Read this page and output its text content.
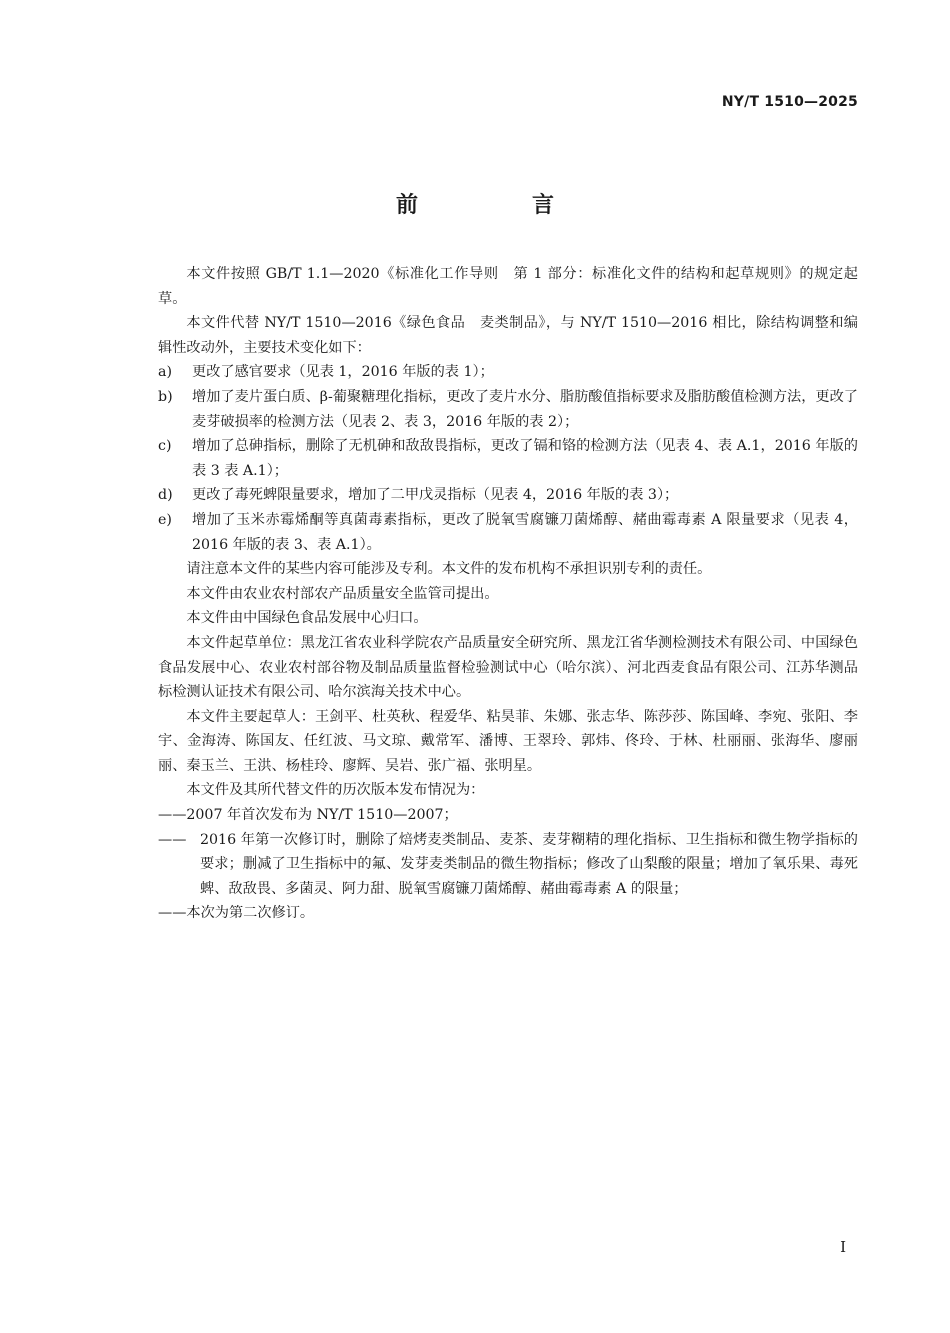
NY/T 1510—2025
前　言

本文件按照 GB/T 1.1—2020《标准化工作导则　第 1 部分：标准化文件的结构和起草规则》的规定起草。

本文件代替 NY/T 1510—2016《绿色食品　麦类制品》，与 NY/T 1510—2016 相比，除结构调整和编辑性改动外，主要技术变化如下：

a)	更改了感官要求（见表 1，2016 年版的表 1）；
b)	增加了麦片蛋白质、β-葡聚糖理化指标，更改了麦片水分、脂肪酸值指标要求及脂肪酸值检测方法，更改了麦芽破损率的检测方法（见表 2、表 3，2016 年版的表 2）；
c)	增加了总砷指标，删除了无机砷和敌敌畏指标，更改了镉和铬的检测方法（见表 4、表 A.1，2016 年版的表 3 表 A.1）；
d)	更改了毒死蜱限量要求，增加了二甲戊灵指标（见表 4，2016 年版的表 3）；
e)	增加了玉米赤霉烯酮等真菌毒素指标，更改了脱氧雪腐镰刀菌烯醇、赭曲霉毒素 A 限量要求（见表 4，2016 年版的表 3、表 A.1）。

请注意本文件的某些内容可能涉及专利。本文件的发布机构不承担识别专利的责任。

本文件由农业农村部农产品质量安全监管司提出。

本文件由中国绿色食品发展中心归口。

本文件起草单位：黑龙江省农业科学院农产品质量安全研究所、黑龙江省华测检测技术有限公司、中国绿色食品发展中心、农业农村部谷物及制品质量监督检验测试中心（哈尔滨）、河北西麦食品有限公司、江苏华测品标检测认证技术有限公司、哈尔滨海关技术中心。

本文件主要起草人：王剑平、杜英秋、程爱华、粘昊菲、朱娜、张志华、陈莎莎、陈国峰、李宛、张阳、李宇、金海涛、陈国友、任红波、马文琼、戴常军、潘博、王翠玲、郭炜、佟玲、于林、杜丽丽、张海华、廖丽丽、秦玉兰、王洪、杨桂玲、廖辉、吴岩、张广福、张明星。

本文件及其所代替文件的历次版本发布情况为：

——2007 年首次发布为 NY/T 1510—2007；
—— 2016 年第一次修订时，删除了焙烤麦类制品、麦茶、麦芽糊精的理化指标、卫生指标和微生物学指标的要求；删减了卫生指标中的氟、发芽麦类制品的微生物指标；修改了山梨酸的限量；增加了氧乐果、毒死蜱、敌敌畏、多菌灵、阿力甜、脱氧雪腐镰刀菌烯醇、赭曲霉毒素 A 的限量；
——本次为第二次修订。
I
